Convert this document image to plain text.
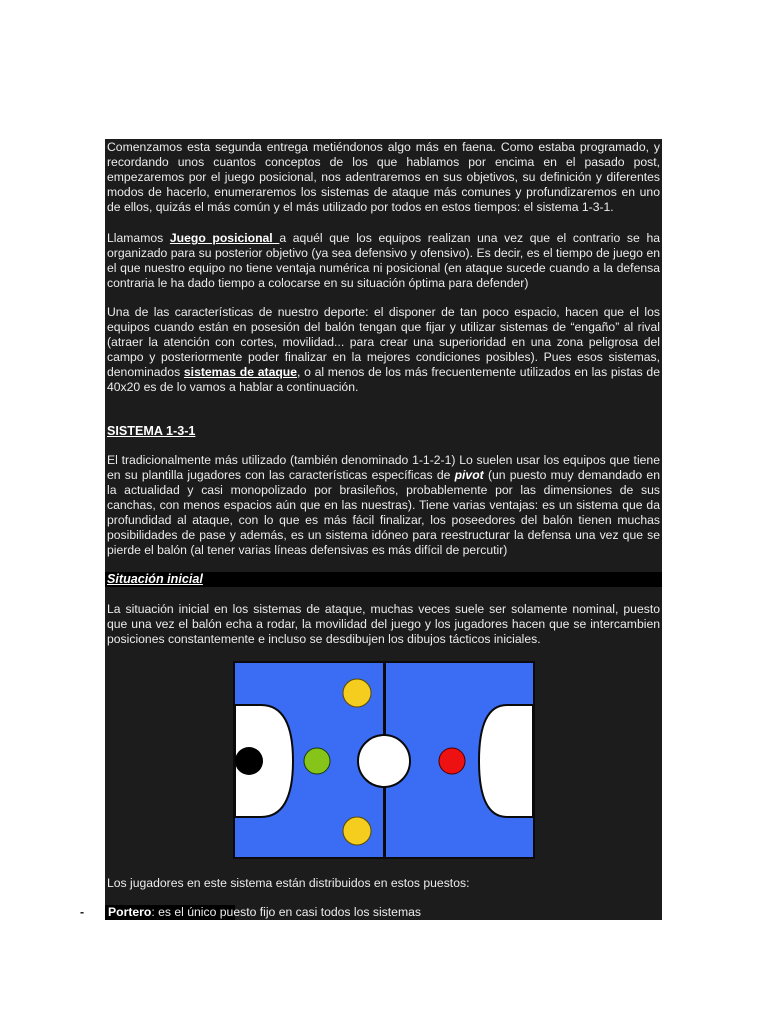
Comenzamos esta segunda entrega metiéndonos algo más en faena. Como estaba programado, y recordando unos cuantos conceptos de los que hablamos por encima en el pasado post, empezaremos por el juego posicional, nos adentraremos en sus objetivos, su definición y diferentes modos de hacerlo, enumeraremos los sistemas de ataque más comunes y profundizaremos en uno de ellos, quizás el más común y el más utilizado por todos en estos tiempos: el sistema 1-3-1.

Llamamos Juego posicional a aquél que los equipos realizan una vez que el contrario se ha organizado para su posterior objetivo (ya sea defensivo y ofensivo). Es decir, es el tiempo de juego en el que nuestro equipo no tiene ventaja numérica ni posicional (en ataque sucede cuando a la defensa contraria le ha dado tiempo a colocarse en su situación óptima para defender)

Una de las características de nuestro deporte: el disponer de tan poco espacio, hacen que el los equipos cuando están en posesión del balón tengan que fijar y utilizar sistemas de “engaño” al rival (atraer la atención con cortes, movilidad... para crear una superioridad en una zona peligrosa del campo y posteriormente poder finalizar en la mejores condiciones posibles). Pues esos sistemas, denominados sistemas de ataque, o al menos de los más frecuentemente utilizados en las pistas de 40x20 es de lo vamos a hablar a continuación.

SISTEMA 1-3-1

El tradicionalmente más utilizado (también denominado 1-1-2-1) Lo suelen usar los equipos que tiene en su plantilla jugadores con las características específicas de pivot (un puesto muy demandado en la actualidad y casi monopolizado por brasileños, probablemente por las dimensiones de sus canchas, con menos espacios aún que en las nuestras). Tiene varias ventajas: es un sistema que da profundidad al ataque, con lo que es más fácil finalizar, los poseedores del balón tienen muchas posibilidades de pase y además, es un sistema idóneo para reestructurar la defensa una vez que se pierde el balón (al tener varias líneas defensivas es más difícil de percutir)

Situación inicial

La situación inicial en los sistemas de ataque, muchas veces suele ser solamente nominal, puesto que una vez el balón echa a rodar, la movilidad del juego y los jugadores hacen que se intercambien posiciones constantemente e incluso se desdibujen los dibujos tácticos iniciales.

Los jugadores en este sistema están distribuidos en estos puestos:

- Portero: es el único puesto fijo en casi todos los sistemas
